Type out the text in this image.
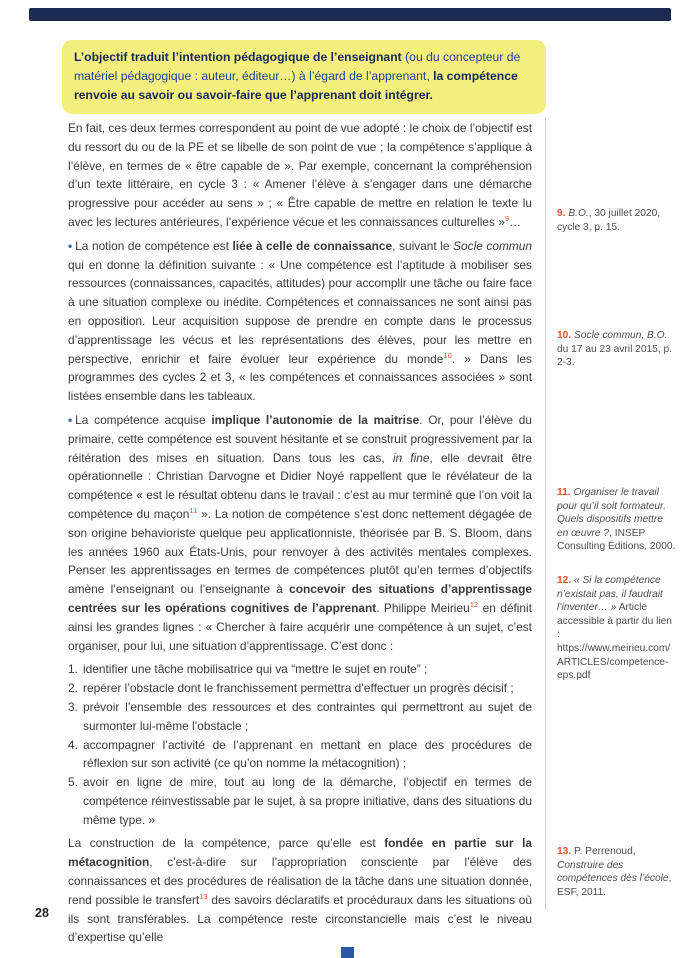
L’objectif traduit l’intention pédagogique de l’enseignant (ou du concepteur de matériel pédagogique : auteur, éditeur…) à l’égard de l’apprenant, la compétence renvoie au savoir ou savoir-faire que l’apprenant doit intégrer.

En fait, ces deux termes correspondent au point de vue adopté : le choix de l’objectif est du ressort du ou de la PE et se libelle de son point de vue ; la compétence s’applique à l’élève, en termes de « être capable de ». Par exemple, concernant la compréhension d’un texte littéraire, en cycle 3 : « Amener l’élève à s’engager dans une démarche progressive pour accéder au sens » ; « Être capable de mettre en relation le texte lu avec les lectures antérieures, l’expérience vécue et les connaissances culturelles »$^9$…

• La notion de compétence est liée à celle de connaissance, suivant le Socle commun qui en donne la définition suivante : « Une compétence est l’aptitude à mobiliser ses ressources (connaissances, capacités, attitudes) pour accomplir une tâche ou faire face à une situation complexe ou inédite. Compétences et connaissances ne sont ainsi pas en opposition. Leur acquisition suppose de prendre en compte dans le processus d’apprentissage les vécus et les représentations des élèves, pour les mettre en perspective, enrichir et faire évoluer leur expérience du monde$^{10}$. » Dans les programmes des cycles 2 et 3, « les compétences et connaissances associées » sont listées ensemble dans les tableaux.

• La compétence acquise implique l’autonomie de la maitrise. Or, pour l’élève du primaire, cette compétence est souvent hésitante et se construit progressivement par la réitération des mises en situation. Dans tous les cas, in fine, elle devrait être opérationnelle : Christian Darvogne et Didier Noyé rappellent que le révélateur de la compétence « est le résultat obtenu dans le travail : c’est au mur terminé que l’on voit la compétence du maçon$^{11}$ ». La notion de compétence s’est donc nettement dégagée de son origine behavioriste quelque peu applicationniste, théorisée par B. S. Bloom, dans les années 1960 aux États-Unis, pour renvoyer à des activités mentales complexes. Penser les apprentissages en termes de compétences plutôt qu’en termes d’objectifs amène l’enseignant ou l’enseignante à concevoir des situations d’apprentissage centrées sur les opérations cognitives de l’apprenant. Philippe Meirieu$^{12}$ en définit ainsi les grandes lignes : « Chercher à faire acquérir une compétence à un sujet, c’est organiser, pour lui, une situation d’apprentissage. C’est donc :

1. identifier une tâche mobilisatrice qui va “mettre le sujet en route” ;
2. repérer l’obstacle dont le franchissement permettra d’effectuer un progrès décisif ;
3. prévoir l’ensemble des ressources et des contraintes qui permettront au sujet de surmonter lui-même l’obstacle ;
4. accompagner l’activité de l’apprenant en mettant en place des procédures de réflexion sur son activité (ce qu’on nomme la métacognition) ;
5. avoir en ligne de mire, tout au long de la démarche, l’objectif en termes de compétence réinvestissable par le sujet, à sa propre initiative, dans des situations du même type. »

La construction de la compétence, parce qu’elle est fondée en partie sur la métacognition, c’est-à-dire sur l’appropriation consciente par l’élève des connaissances et des procédures de réalisation de la tâche dans une situation donnée, rend possible le transfert$^{13}$ des savoirs déclaratifs et procéduraux dans les situations où ils sont transférables. La compétence reste circonstancielle mais c’est le niveau d’expertise qu’elle

9. B.O., 30 juillet 2020, cycle 3, p. 15.
10. Socle commun, B.O. du 17 au 23 avril 2015, p. 2-3.
11. Organiser le travail pour qu’il soit formateur. Quels dispositifs mettre en œuvre ?, INSEP Consulting Éditions, 2000.
12. « Si la compétence n’existait pas, il faudrait l’inventer… » Article accessible à partir du lien : https://www.meirieu.com/ARTICLES/competence-eps.pdf
13. P. Perrenoud, Construire des compétences dès l’école, ESF, 2011.
28
